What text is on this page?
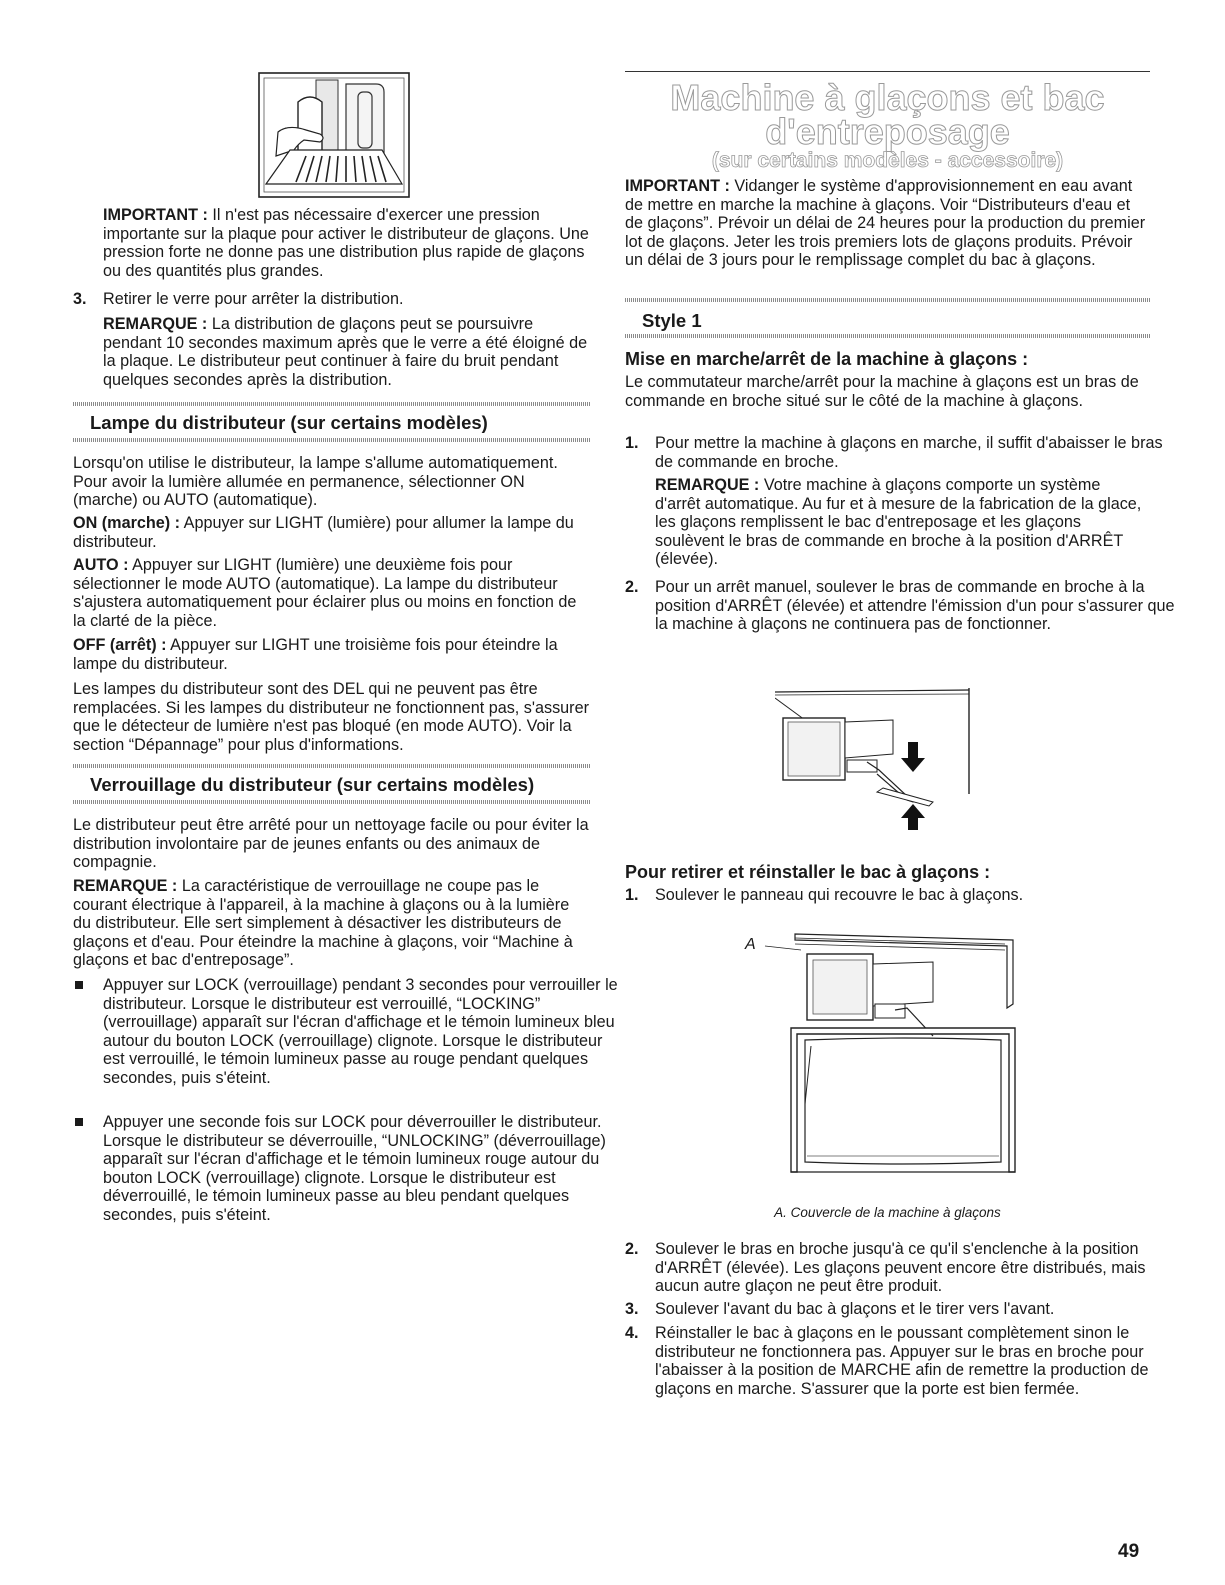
IMPORTANT : Il n'est pas nécessaire d'exercer une pression importante sur la plaque pour activer le distributeur de glaçons. Une pression forte ne donne pas une distribution plus rapide de glaçons ou des quantités plus grandes.

3. Retirer le verre pour arrêter la distribution.

REMARQUE : La distribution de glaçons peut se poursuivre pendant 10 secondes maximum après que le verre a été éloigné de la plaque. Le distributeur peut continuer à faire du bruit pendant quelques secondes après la distribution.

Lampe du distributeur (sur certains modèles)

Lorsqu'on utilise le distributeur, la lampe s'allume automatiquement. Pour avoir la lumière allumée en permanence, sélectionner ON (marche) ou AUTO (automatique).

ON (marche) : Appuyer sur LIGHT (lumière) pour allumer la lampe du distributeur.

AUTO : Appuyer sur LIGHT (lumière) une deuxième fois pour sélectionner le mode AUTO (automatique). La lampe du distributeur s'ajustera automatiquement pour éclairer plus ou moins en fonction de la clarté de la pièce.

OFF (arrêt) : Appuyer sur LIGHT une troisième fois pour éteindre la lampe du distributeur.

Les lampes du distributeur sont des DEL qui ne peuvent pas être remplacées. Si les lampes du distributeur ne fonctionnent pas, s'assurer que le détecteur de lumière n'est pas bloqué (en mode AUTO). Voir la section “Dépannage” pour plus d'informations.

Verrouillage du distributeur (sur certains modèles)

Le distributeur peut être arrêté pour un nettoyage facile ou pour éviter la distribution involontaire par de jeunes enfants ou des animaux de compagnie.

REMARQUE : La caractéristique de verrouillage ne coupe pas le courant électrique à l'appareil, à la machine à glaçons ou à la lumière du distributeur. Elle sert simplement à désactiver les distributeurs de glaçons et d'eau. Pour éteindre la machine à glaçons, voir “Machine à glaçons et bac d'entreposage”.

Appuyer sur LOCK (verrouillage) pendant 3 secondes pour verrouiller le distributeur. Lorsque le distributeur est verrouillé, “LOCKING” (verrouillage) apparaît sur l'écran d'affichage et le témoin lumineux bleu autour du bouton LOCK (verrouillage) clignote. Lorsque le distributeur est verrouillé, le témoin lumineux passe au rouge pendant quelques secondes, puis s'éteint.
Appuyer une seconde fois sur LOCK pour déverrouiller le distributeur. Lorsque le distributeur se déverrouille, “UNLOCKING” (déverrouillage) apparaît sur l'écran d'affichage et le témoin lumineux rouge autour du bouton LOCK (verrouillage) clignote. Lorsque le distributeur est déverrouillé, le témoin lumineux passe au bleu pendant quelques secondes, puis s'éteint.
Machine à glaçons et bac
d'entreposage
(sur certains modèles - accessoire)

IMPORTANT : Vidanger le système d'approvisionnement en eau avant de mettre en marche la machine à glaçons. Voir “Distributeurs d'eau et de glaçons”. Prévoir un délai de 24 heures pour la production du premier lot de glaçons. Jeter les trois premiers lots de glaçons produits. Prévoir un délai de 3 jours pour le remplissage complet du bac à glaçons.

Style 1
Mise en marche/arrêt de la machine à glaçons :

Le commutateur marche/arrêt pour la machine à glaçons est un bras de commande en broche situé sur le côté de la machine à glaçons.

1. Pour mettre la machine à glaçons en marche, il suffit d'abaisser le bras de commande en broche.

REMARQUE : Votre machine à glaçons comporte un système d'arrêt automatique. Au fur et à mesure de la fabrication de la glace, les glaçons remplissent le bac d'entreposage et les glaçons soulèvent le bras de commande en broche à la position d'ARRÊT (élevée).

2. Pour un arrêt manuel, soulever le bras de commande en broche à la position d'ARRÊT (élevée) et attendre l'émission d'un pour s'assurer que la machine à glaçons ne continuera pas de fonctionner.
Pour retirer et réinstaller le bac à glaçons :
1. Soulever le panneau qui recouvre le bac à glaçons.
A
A. Couvercle de la machine à glaçons
2. Soulever le bras en broche jusqu'à ce qu'il s'enclenche à la position d'ARRÊT (élevée). Les glaçons peuvent encore être distribués, mais aucun autre glaçon ne peut être produit.
3. Soulever l'avant du bac à glaçons et le tirer vers l'avant.
4. Réinstaller le bac à glaçons en le poussant complètement sinon le distributeur ne fonctionnera pas. Appuyer sur le bras en broche pour l'abaisser à la position de MARCHE afin de remettre la production de glaçons en marche. S'assurer que la porte est bien fermée.
49
